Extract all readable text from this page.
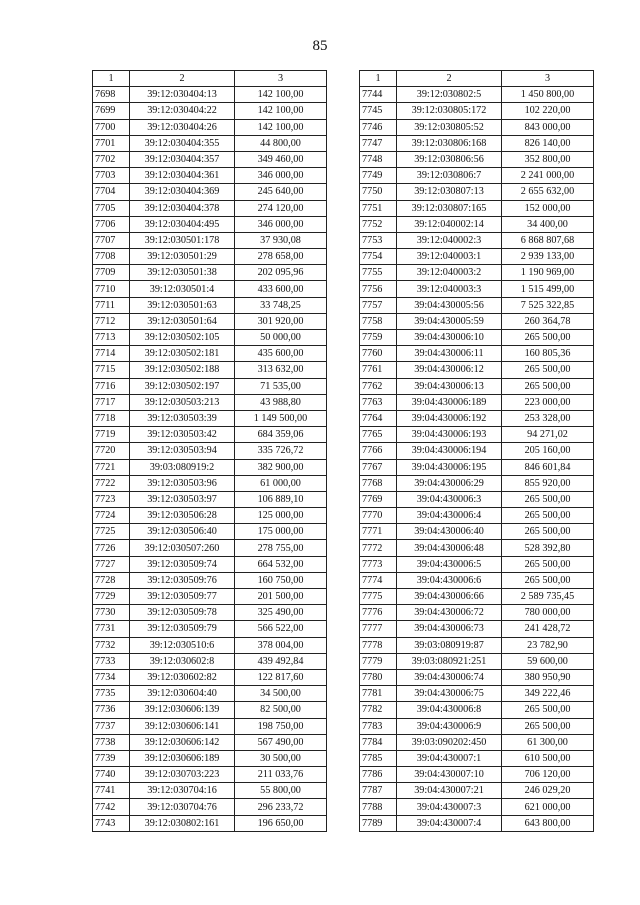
85
1	2	3
7698	39:12:030404:13	142 100,00
7699	39:12:030404:22	142 100,00
7700	39:12:030404:26	142 100,00
7701	39:12:030404:355	44 800,00
7702	39:12:030404:357	349 460,00
7703	39:12:030404:361	346 000,00
7704	39:12:030404:369	245 640,00
7705	39:12:030404:378	274 120,00
7706	39:12:030404:495	346 000,00
7707	39:12:030501:178	37 930,08
7708	39:12:030501:29	278 658,00
7709	39:12:030501:38	202 095,96
7710	39:12:030501:4	433 600,00
7711	39:12:030501:63	33 748,25
7712	39:12:030501:64	301 920,00
7713	39:12:030502:105	50 000,00
7714	39:12:030502:181	435 600,00
7715	39:12:030502:188	313 632,00
7716	39:12:030502:197	71 535,00
7717	39:12:030503:213	43 988,80
7718	39:12:030503:39	1 149 500,00
7719	39:12:030503:42	684 359,06
7720	39:12:030503:94	335 726,72
7721	39:03:080919:2	382 900,00
7722	39:12:030503:96	61 000,00
7723	39:12:030503:97	106 889,10
7724	39:12:030506:28	125 000,00
7725	39:12:030506:40	175 000,00
7726	39:12:030507:260	278 755,00
7727	39:12:030509:74	664 532,00
7728	39:12:030509:76	160 750,00
7729	39:12:030509:77	201 500,00
7730	39:12:030509:78	325 490,00
7731	39:12:030509:79	566 522,00
7732	39:12:030510:6	378 004,00
7733	39:12:030602:8	439 492,84
7734	39:12:030602:82	122 817,60
7735	39:12:030604:40	34 500,00
7736	39:12:030606:139	82 500,00
7737	39:12:030606:141	198 750,00
7738	39:12:030606:142	567 490,00
7739	39:12:030606:189	30 500,00
7740	39:12:030703:223	211 033,76
7741	39:12:030704:16	55 800,00
7742	39:12:030704:76	296 233,72
7743	39:12:030802:161	196 650,00
1	2	3
7744	39:12:030802:5	1 450 800,00
7745	39:12:030805:172	102 220,00
7746	39:12:030805:52	843 000,00
7747	39:12:030806:168	826 140,00
7748	39:12:030806:56	352 800,00
7749	39:12:030806:7	2 241 000,00
7750	39:12:030807:13	2 655 632,00
7751	39:12:030807:165	152 000,00
7752	39:12:040002:14	34 400,00
7753	39:12:040002:3	6 868 807,68
7754	39:12:040003:1	2 939 133,00
7755	39:12:040003:2	1 190 969,00
7756	39:12:040003:3	1 515 499,00
7757	39:04:430005:56	7 525 322,85
7758	39:04:430005:59	260 364,78
7759	39:04:430006:10	265 500,00
7760	39:04:430006:11	160 805,36
7761	39:04:430006:12	265 500,00
7762	39:04:430006:13	265 500,00
7763	39:04:430006:189	223 000,00
7764	39:04:430006:192	253 328,00
7765	39:04:430006:193	94 271,02
7766	39:04:430006:194	205 160,00
7767	39:04:430006:195	846 601,84
7768	39:04:430006:29	855 920,00
7769	39:04:430006:3	265 500,00
7770	39:04:430006:4	265 500,00
7771	39:04:430006:40	265 500,00
7772	39:04:430006:48	528 392,80
7773	39:04:430006:5	265 500,00
7774	39:04:430006:6	265 500,00
7775	39:04:430006:66	2 589 735,45
7776	39:04:430006:72	780 000,00
7777	39:04:430006:73	241 428,72
7778	39:03:080919:87	23 782,90
7779	39:03:080921:251	59 600,00
7780	39:04:430006:74	380 950,90
7781	39:04:430006:75	349 222,46
7782	39:04:430006:8	265 500,00
7783	39:04:430006:9	265 500,00
7784	39:03:090202:450	61 300,00
7785	39:04:430007:1	610 500,00
7786	39:04:430007:10	706 120,00
7787	39:04:430007:21	246 029,20
7788	39:04:430007:3	621 000,00
7789	39:04:430007:4	643 800,00
